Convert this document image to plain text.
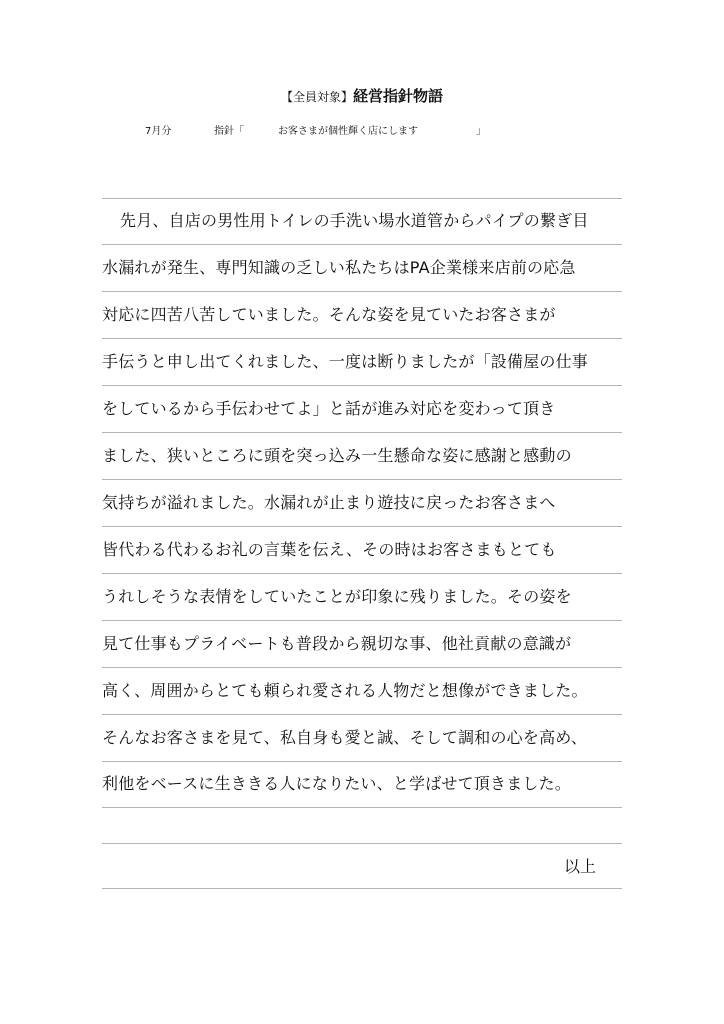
【全員対象】経営指針物語
7月分	指針「	お客さまが個性輝く店にします	」
先月、自店の男性用トイレの手洗い場水道管からパイプの繋ぎ目
水漏れが発生、専門知識の乏しい私たちはPA企業様来店前の応急
対応に四苦八苦していました。そんな姿を見ていたお客さまが
手伝うと申し出てくれました、一度は断りましたが「設備屋の仕事
をしているから手伝わせてよ」と話が進み対応を変わって頂き
ました、狭いところに頭を突っ込み一生懸命な姿に感謝と感動の
気持ちが溢れました。水漏れが止まり遊技に戻ったお客さまへ
皆代わる代わるお礼の言葉を伝え、その時はお客さまもとても
うれしそうな表情をしていたことが印象に残りました。その姿を
見て仕事もプライベートも普段から親切な事、他社貢献の意識が
高く、周囲からとても頼られ愛される人物だと想像ができました。
そんなお客さまを見て、私自身も愛と誠、そして調和の心を高め、
利他をベースに生ききる人になりたい、と学ばせて頂きました。
以上
